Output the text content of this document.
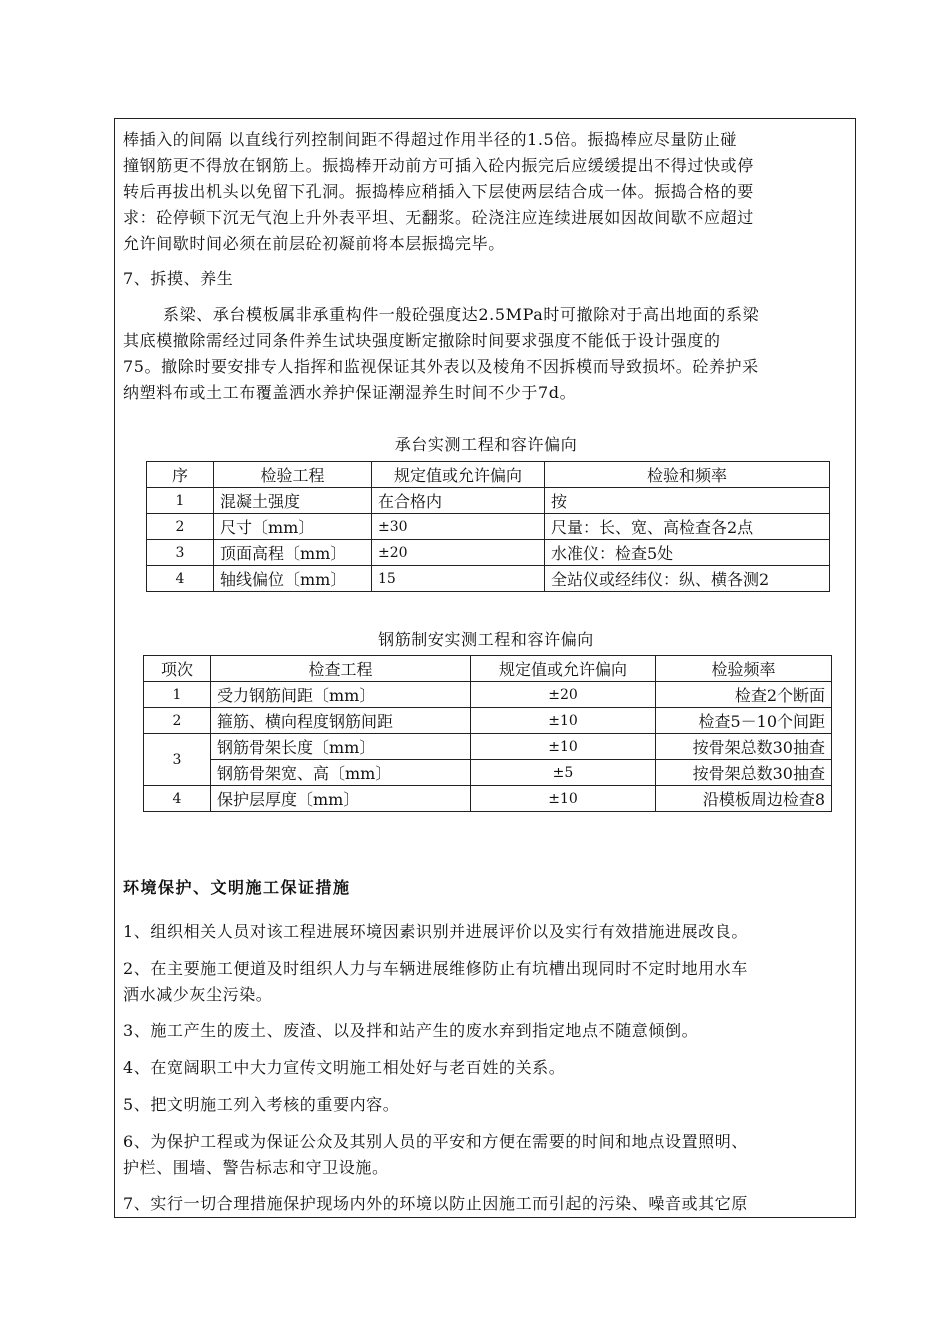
棒插入的间隔 以直线行列控制间距不得超过作用半径的1.5倍。振捣棒应尽量防止碰
撞钢筋更不得放在钢筋上。振捣棒开动前方可插入砼内振完后应缓缓提出不得过快或停
转后再拔出机头以免留下孔洞。振捣棒应稍插入下层使两层结合成一体。振捣合格的要
求：砼停顿下沉无气泡上升外表平坦、无翻浆。砼浇注应连续进展如因故间歇不应超过
允许间歇时间必须在前层砼初凝前将本层振捣完毕。
7、拆摸、养生
系梁、承台模板属非承重构件一般砼强度达2.5MPa时可撤除对于高出地面的系梁
其底模撤除需经过同条件养生试块强度断定撤除时间要求强度不能低于设计强度的
75。撤除时要安排专人指挥和监视保证其外表以及棱角不因拆模而导致损坏。砼养护采
纳塑料布或土工布覆盖洒水养护保证潮湿养生时间不少于7d。
承台实测工程和容许偏向
序	检验工程	规定值或允许偏向	检验和频率
1	混凝土强度	在合格内	按
2	尺寸〔mm〕	±30	尺量：长、宽、高检查各2点
3	顶面高程〔mm〕	±20	水准仪：检查5处
4	轴线偏位〔mm〕	15	全站仪或经纬仪：纵、横各测2
钢筋制安实测工程和容许偏向
项次	检查工程	规定值或允许偏向	检验频率
1	受力钢筋间距〔mm〕	±20	检查2个断面
2	箍筋、横向程度钢筋间距	±10	检查5－10个间距
3	钢筋骨架长度〔mm〕	±10	按骨架总数30抽查
	钢筋骨架宽、高〔mm〕	±5	按骨架总数30抽查
4	保护层厚度〔mm〕	±10	沿模板周边检查8
环境保护、文明施工保证措施
1、组织相关人员对该工程进展环境因素识别并进展评价以及实行有效措施进展改良。
2、在主要施工便道及时组织人力与车辆进展维修防止有坑槽出现同时不定时地用水车
洒水减少灰尘污染。
3、施工产生的废土、废渣、以及拌和站产生的废水弃到指定地点不随意倾倒。
4、在宽阔职工中大力宣传文明施工相处好与老百姓的关系。
5、把文明施工列入考核的重要内容。
6、为保护工程或为保证公众及其别人员的平安和方便在需要的时间和地点设置照明、
护栏、围墙、警告标志和守卫设施。
7、实行一切合理措施保护现场内外的环境以防止因施工而引起的污染、噪音或其它原
